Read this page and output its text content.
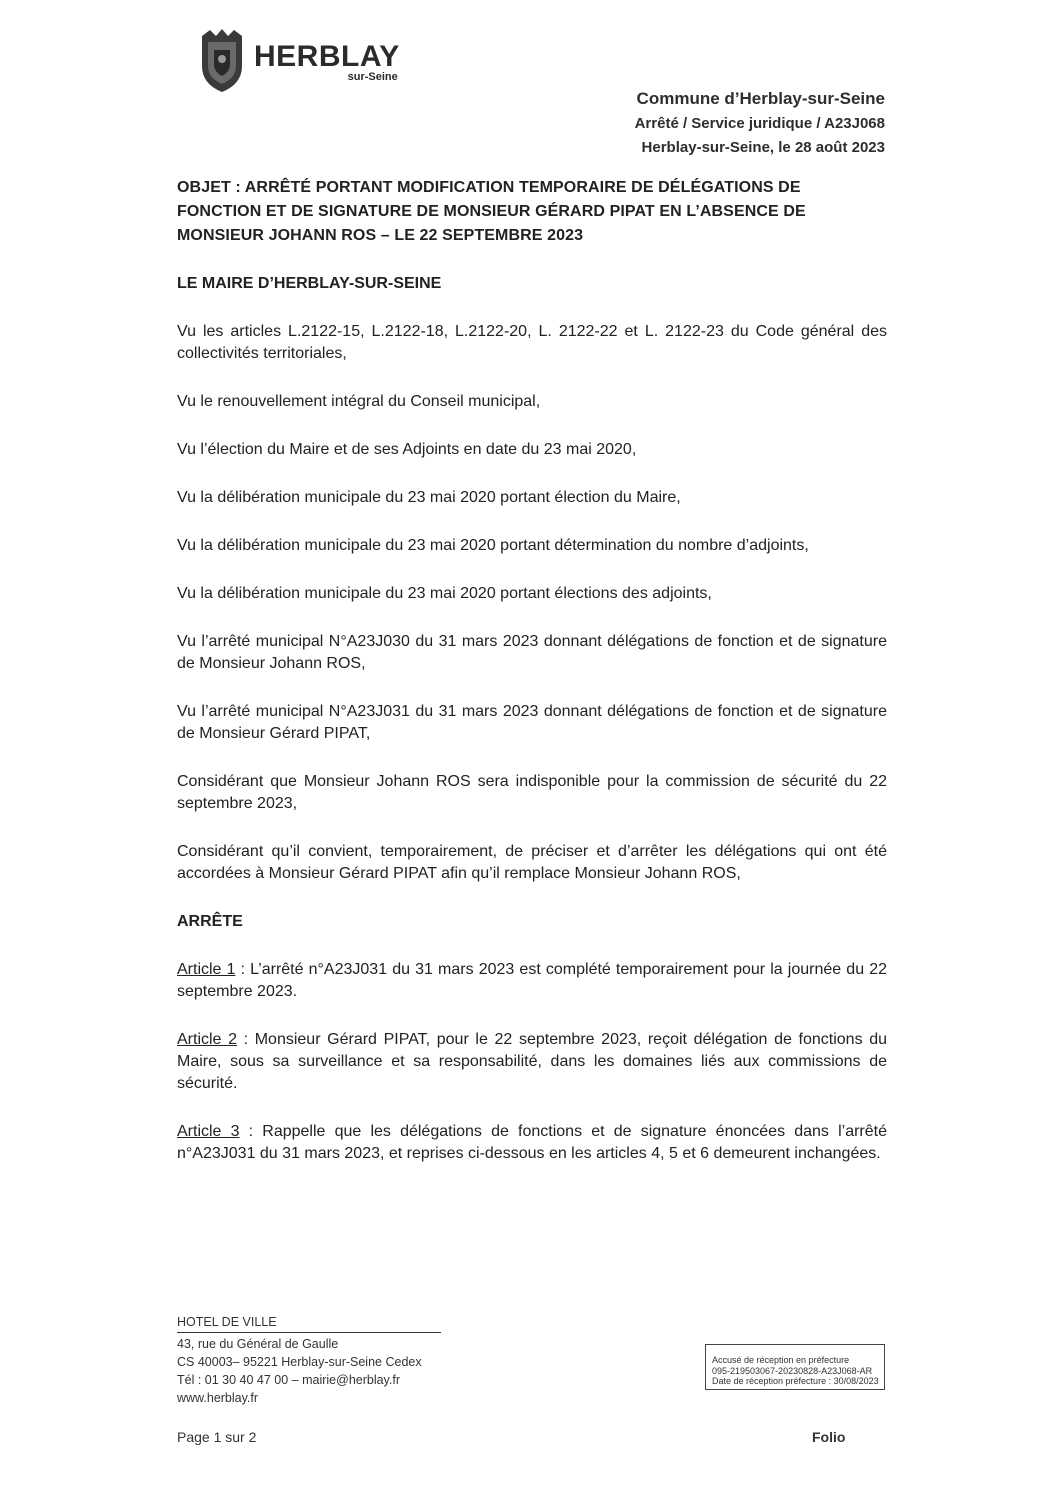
HERBLAY
sur-Seine
Commune d’Herblay-sur-Seine
Arrêté / Service juridique / A23J068
Herblay-sur-Seine, le 28 août 2023

OBJET : ARRÊTÉ PORTANT MODIFICATION TEMPORAIRE DE DÉLÉGATIONS DE FONCTION ET DE SIGNATURE DE MONSIEUR GÉRARD PIPAT EN L’ABSENCE DE MONSIEUR JOHANN ROS – LE 22 SEPTEMBRE 2023

LE MAIRE D’HERBLAY-SUR-SEINE

Vu les articles L.2122-15, L.2122-18, L.2122-20, L. 2122-22 et L. 2122-23 du Code général des collectivités territoriales,

Vu le renouvellement intégral du Conseil municipal,

Vu l’élection du Maire et de ses Adjoints en date du 23 mai 2020,

Vu la délibération municipale du 23 mai 2020 portant élection du Maire,

Vu la délibération municipale du 23 mai 2020 portant détermination du nombre d’adjoints,

Vu la délibération municipale du 23 mai 2020 portant élections des adjoints,

Vu l’arrêté municipal N°A23J030 du 31 mars 2023 donnant délégations de fonction et de signature de Monsieur Johann ROS,

Vu l’arrêté municipal N°A23J031 du 31 mars 2023 donnant délégations de fonction et de signature de Monsieur Gérard PIPAT,

Considérant que Monsieur Johann ROS sera indisponible pour la commission de sécurité du 22 septembre 2023,

Considérant qu’il convient, temporairement, de préciser et d’arrêter les délégations qui ont été accordées à Monsieur Gérard PIPAT afin qu’il remplace Monsieur Johann ROS,

ARRÊTE

Article 1 : L’arrêté n°A23J031 du 31 mars 2023 est complété temporairement pour la journée du 22 septembre 2023.

Article 2 : Monsieur Gérard PIPAT, pour le 22 septembre 2023, reçoit délégation de fonctions du Maire, sous sa surveillance et sa responsabilité, dans les domaines liés aux commissions de sécurité.

Article 3 : Rappelle que les délégations de fonctions et de signature énoncées dans l’arrêté n°A23J031 du 31 mars 2023, et reprises ci-dessous en les articles 4, 5 et 6 demeurent inchangées.

HOTEL DE VILLE
43, rue du Général de Gaulle
CS 40003– 95221 Herblay-sur-Seine Cedex
Tél : 01 30 40 47 00 – mairie@herblay.fr
www.herblay.fr
Accusé de réception en préfecture
095-219503067-20230828-A23J068-AR
Date de réception préfecture : 30/08/2023
Page 1 sur 2	Folio
